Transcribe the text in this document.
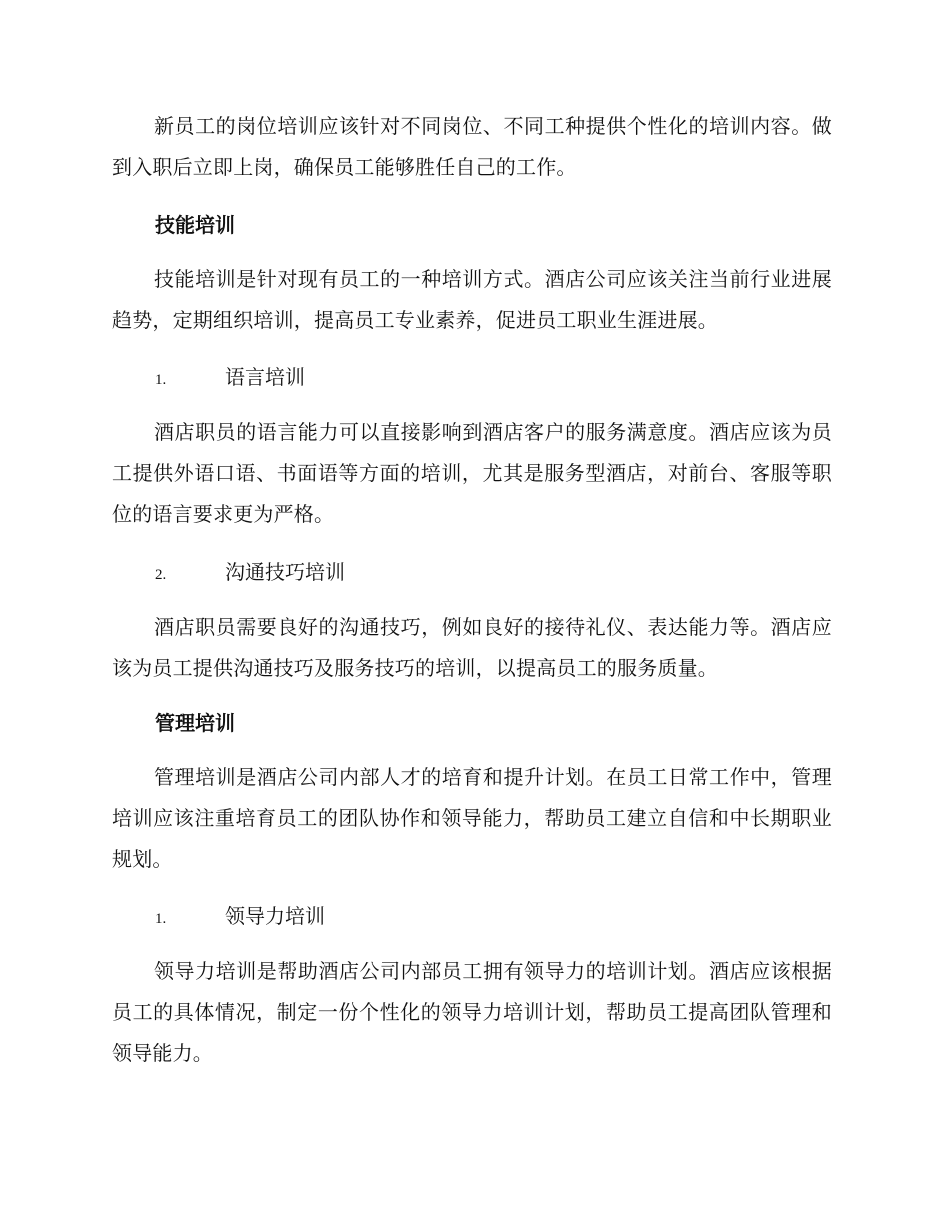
新员工的岗位培训应该针对不同岗位、不同工种提供个性化的培训内容。做到入职后立即上岗，确保员工能够胜任自己的工作。

技能培训

技能培训是针对现有员工的一种培训方式。酒店公司应该关注当前行业进展趋势，定期组织培训，提高员工专业素养，促进员工职业生涯进展。

1.	语言培训

酒店职员的语言能力可以直接影响到酒店客户的服务满意度。酒店应该为员工提供外语口语、书面语等方面的培训，尤其是服务型酒店，对前台、客服等职位的语言要求更为严格。

2.	沟通技巧培训

酒店职员需要良好的沟通技巧，例如良好的接待礼仪、表达能力等。酒店应该为员工提供沟通技巧及服务技巧的培训，以提高员工的服务质量。

管理培训

管理培训是酒店公司内部人才的培育和提升计划。在员工日常工作中，管理培训应该注重培育员工的团队协作和领导能力，帮助员工建立自信和中长期职业规划。

1.	领导力培训

领导力培训是帮助酒店公司内部员工拥有领导力的培训计划。酒店应该根据员工的具体情况，制定一份个性化的领导力培训计划，帮助员工提高团队管理和领导能力。
